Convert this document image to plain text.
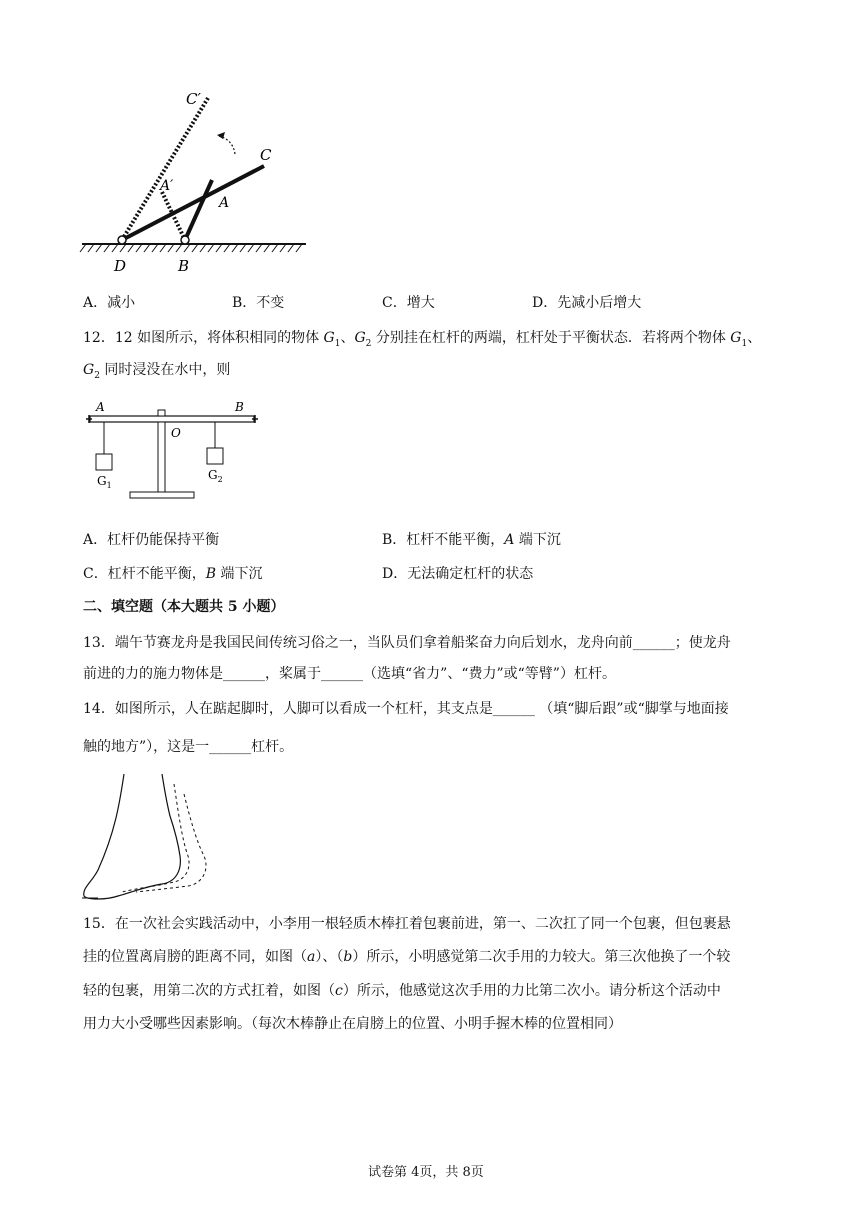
C′
C
A′
A
D	B
A．减小	B．不变	C．增大	D．先减小后增大
12．12 如图所示，将体积相同的物体 $G_1$、$G_2$ 分别挂在杠杆的两端，杠杆处于平衡状态．若将两个物体 $G_1$、
$G_2$ 同时浸没在水中，则
A	B
O
$G_1$
$G_2$
A．杠杆仍能保持平衡	B．杠杆不能平衡，A 端下沉
C．杠杆不能平衡，B 端下沉	D．无法确定杠杆的状态
二、填空题（本大题共 5 小题）
13．端午节赛龙舟是我国民间传统习俗之一，当队员们拿着船桨奋力向后划水，龙舟向前______；使龙舟
前进的力的施力物体是______，桨属于______（选填“省力”、“费力”或“等臂”）杠杆。
14．如图所示，人在踮起脚时，人脚可以看成一个杠杆，其支点是______ （填“脚后跟”或“脚掌与地面接
触的地方”），这是一______杠杆。
15．在一次社会实践活动中，小李用一根轻质木棒扛着包裹前进，第一、二次扛了同一个包裹，但包裹悬
挂的位置离肩膀的距离不同，如图（a）、（b）所示，小明感觉第二次手用的力较大。第三次他换了一个较
轻的包裹，用第二次的方式扛着，如图（c）所示，他感觉这次手用的力比第二次小。请分析这个活动中
用力大小受哪些因素影响。（每次木棒静止在肩膀上的位置、小明手握木棒的位置相同）
试卷第 4页，共 8页
